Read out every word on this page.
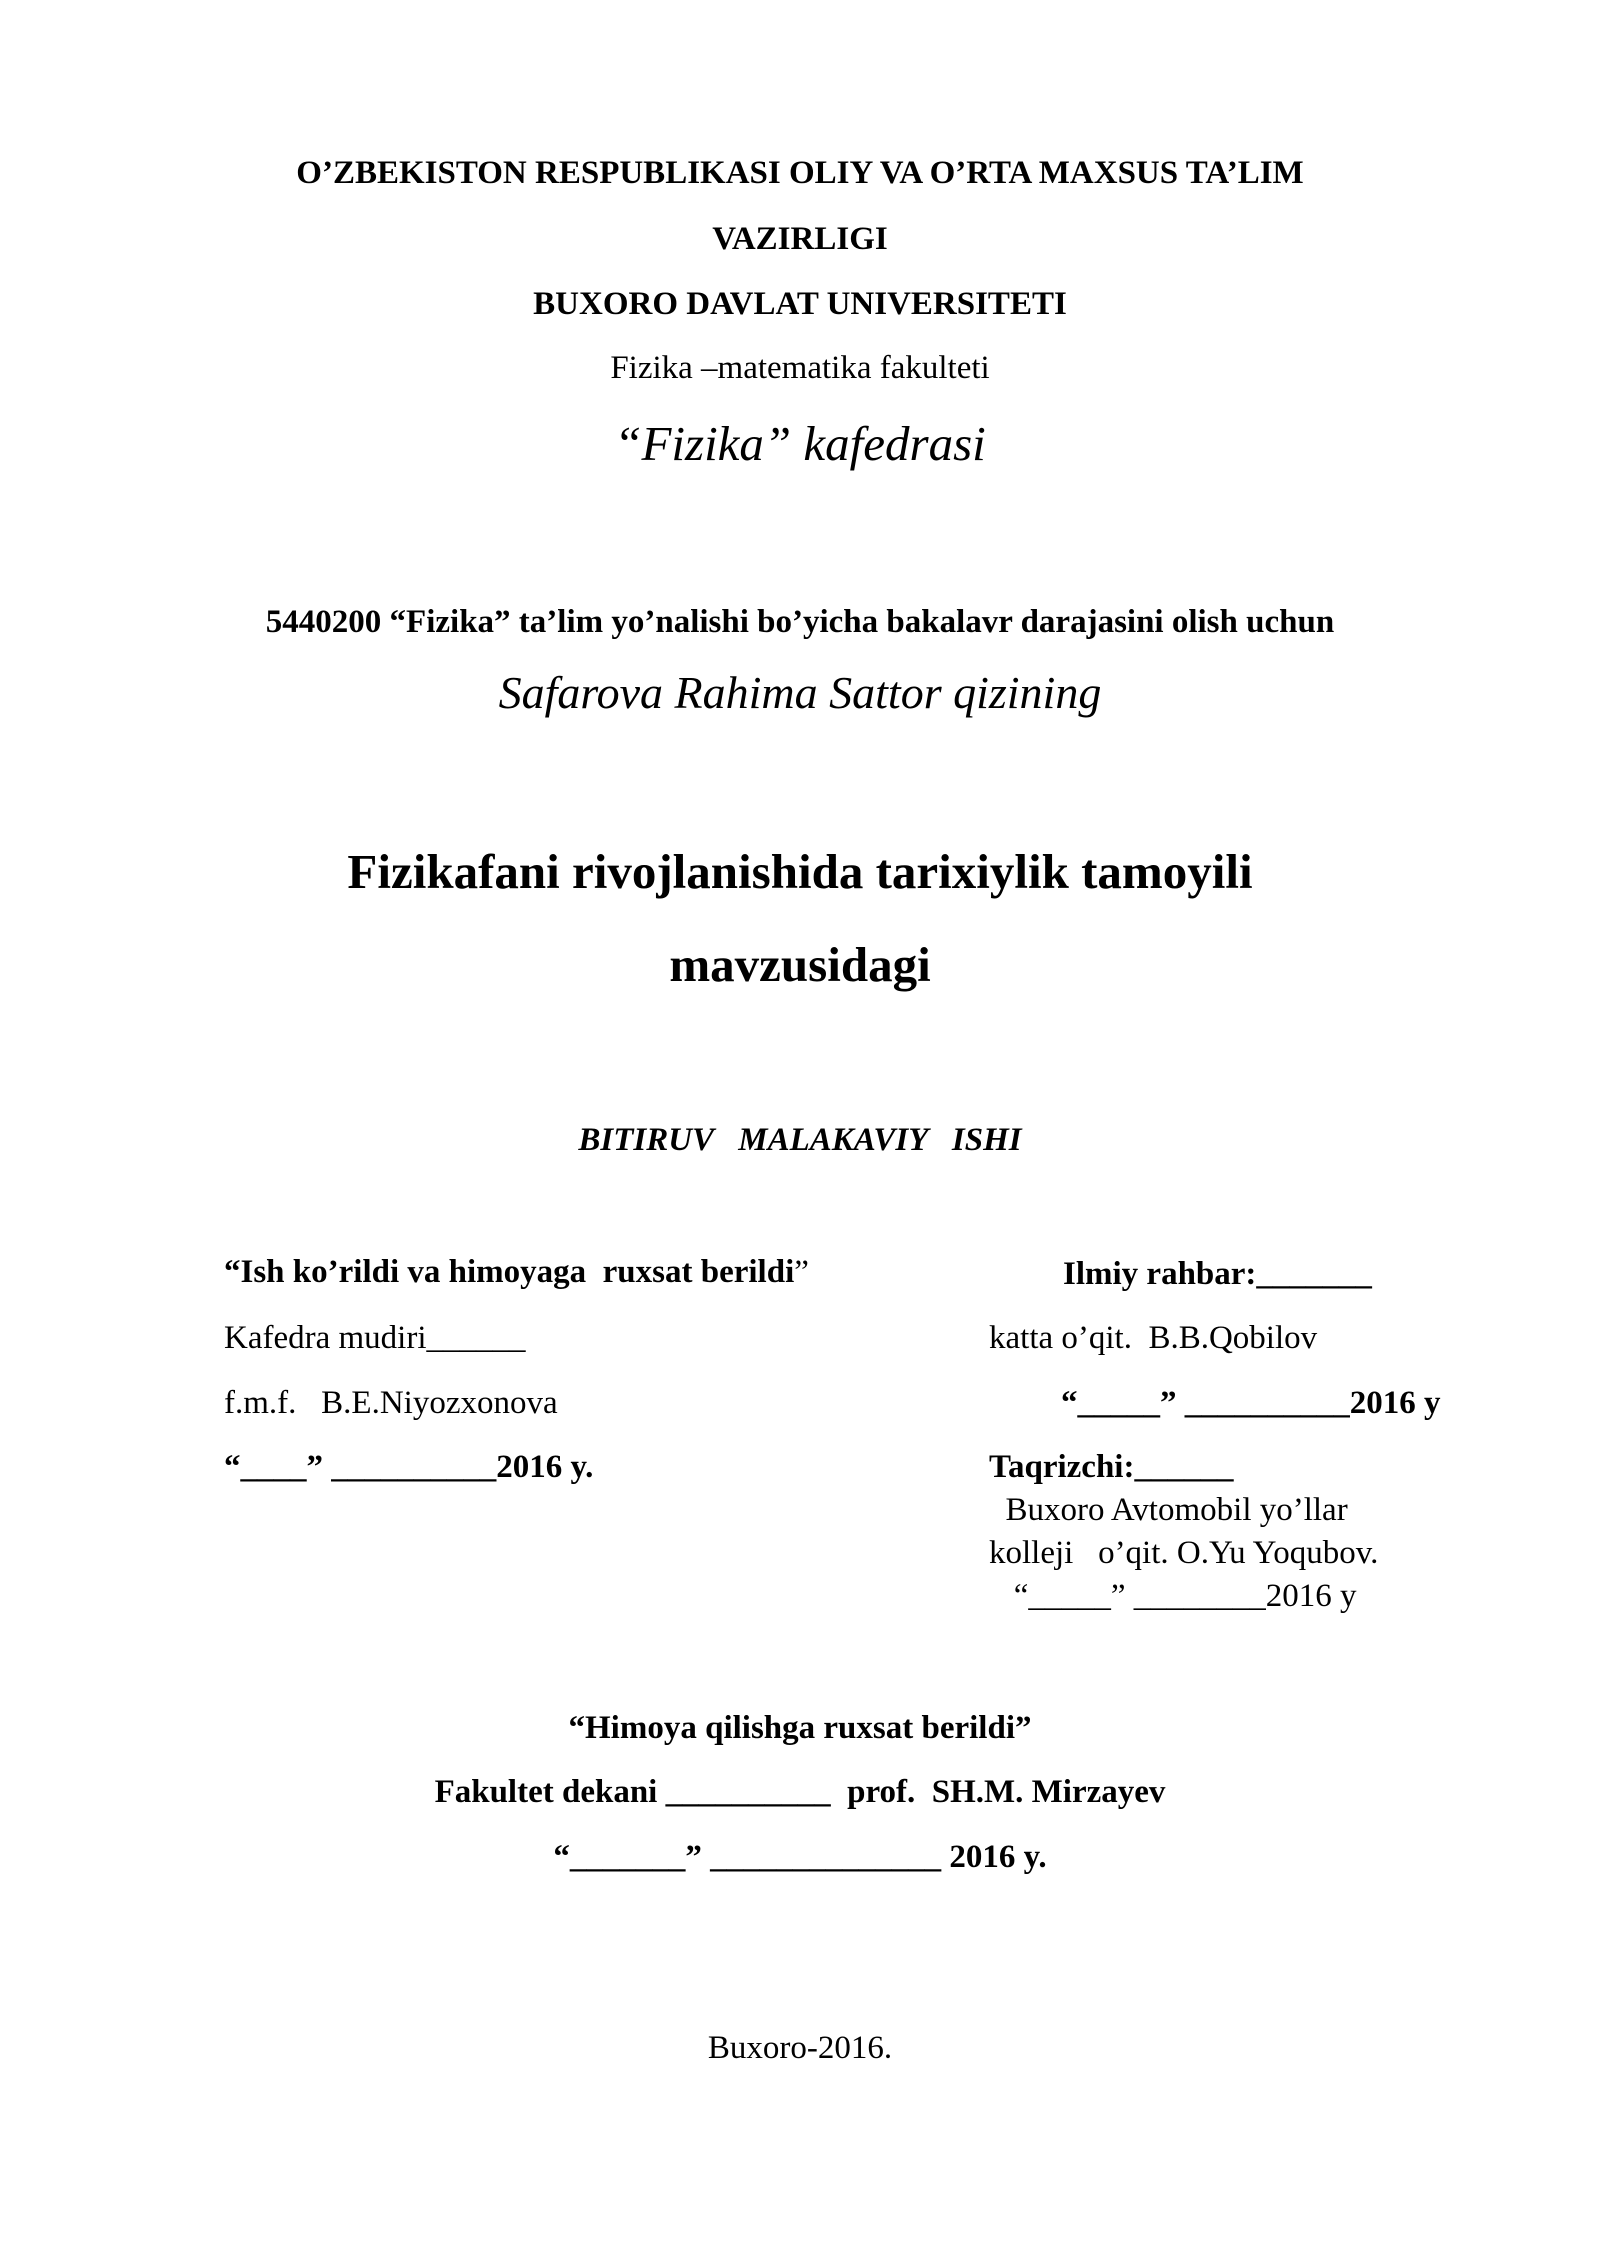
O’ZBEKISTON RESPUBLIKASI OLIY VA O’RTA MAXSUS TA’LIM
VAZIRLIGI
BUXORO DAVLAT UNIVERSITETI
Fizika –matematika fakulteti
“Fizika” kafedrasi
5440200 “Fizika” ta’lim yo’nalishi bo’yicha bakalavr darajasini olish uchun
Safarova Rahima Sattor qizining
Fizikafani rivojlanishida tarixiylik tamoyili
mavzusidagi
BITIRUV   MALAKAVIY   ISHI
“Ish ko’rildi va himoyaga  ruxsat berildi”
Kafedra mudiri______
f.m.f.   B.E.Niyozxonova
“____” __________2016 y.
Ilmiy rahbar:_______
katta o’qit.  B.B.Qobilov
“_____” __________2016 y
Taqrizchi:______
Buxoro Avtomobil yo’llar
kolleji   o’qit. O.Yu Yoqubov.
“_____” ________2016 y
“Himoya qilishga ruxsat berildi”
Fakultet dekani __________  prof.  SH.M. Mirzayev
“_______” ______________ 2016 y.
Buxoro-2016.
